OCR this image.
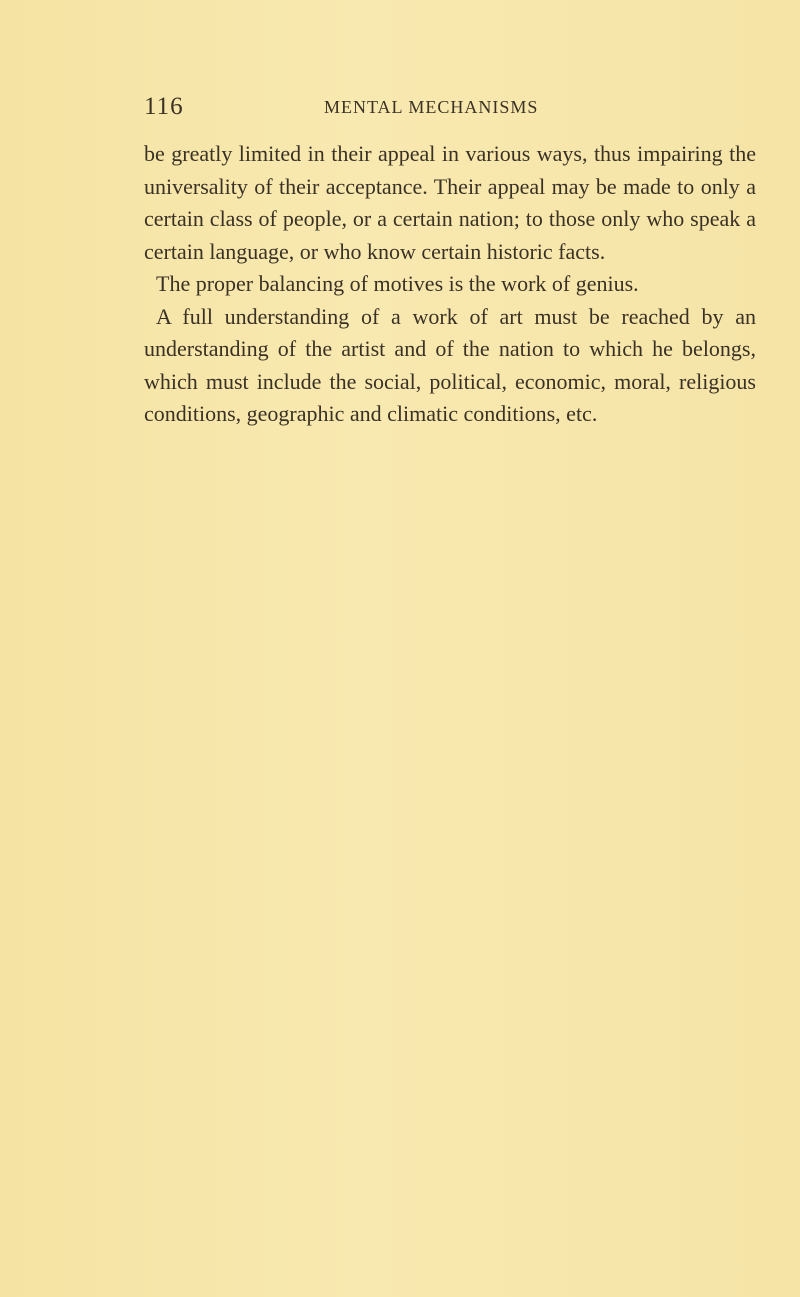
116	MENTAL MECHANISMS

be greatly limited in their appeal in various ways, thus impairing the universality of their acceptance. Their appeal may be made to only a certain class of people, or a certain nation; to those only who speak a certain language, or who know certain historic facts.

The proper balancing of motives is the work of genius.

A full understanding of a work of art must be reached by an understanding of the artist and of the nation to which he belongs, which must include the social, political, economic, moral, religious conditions, geographic and climatic conditions, etc.
